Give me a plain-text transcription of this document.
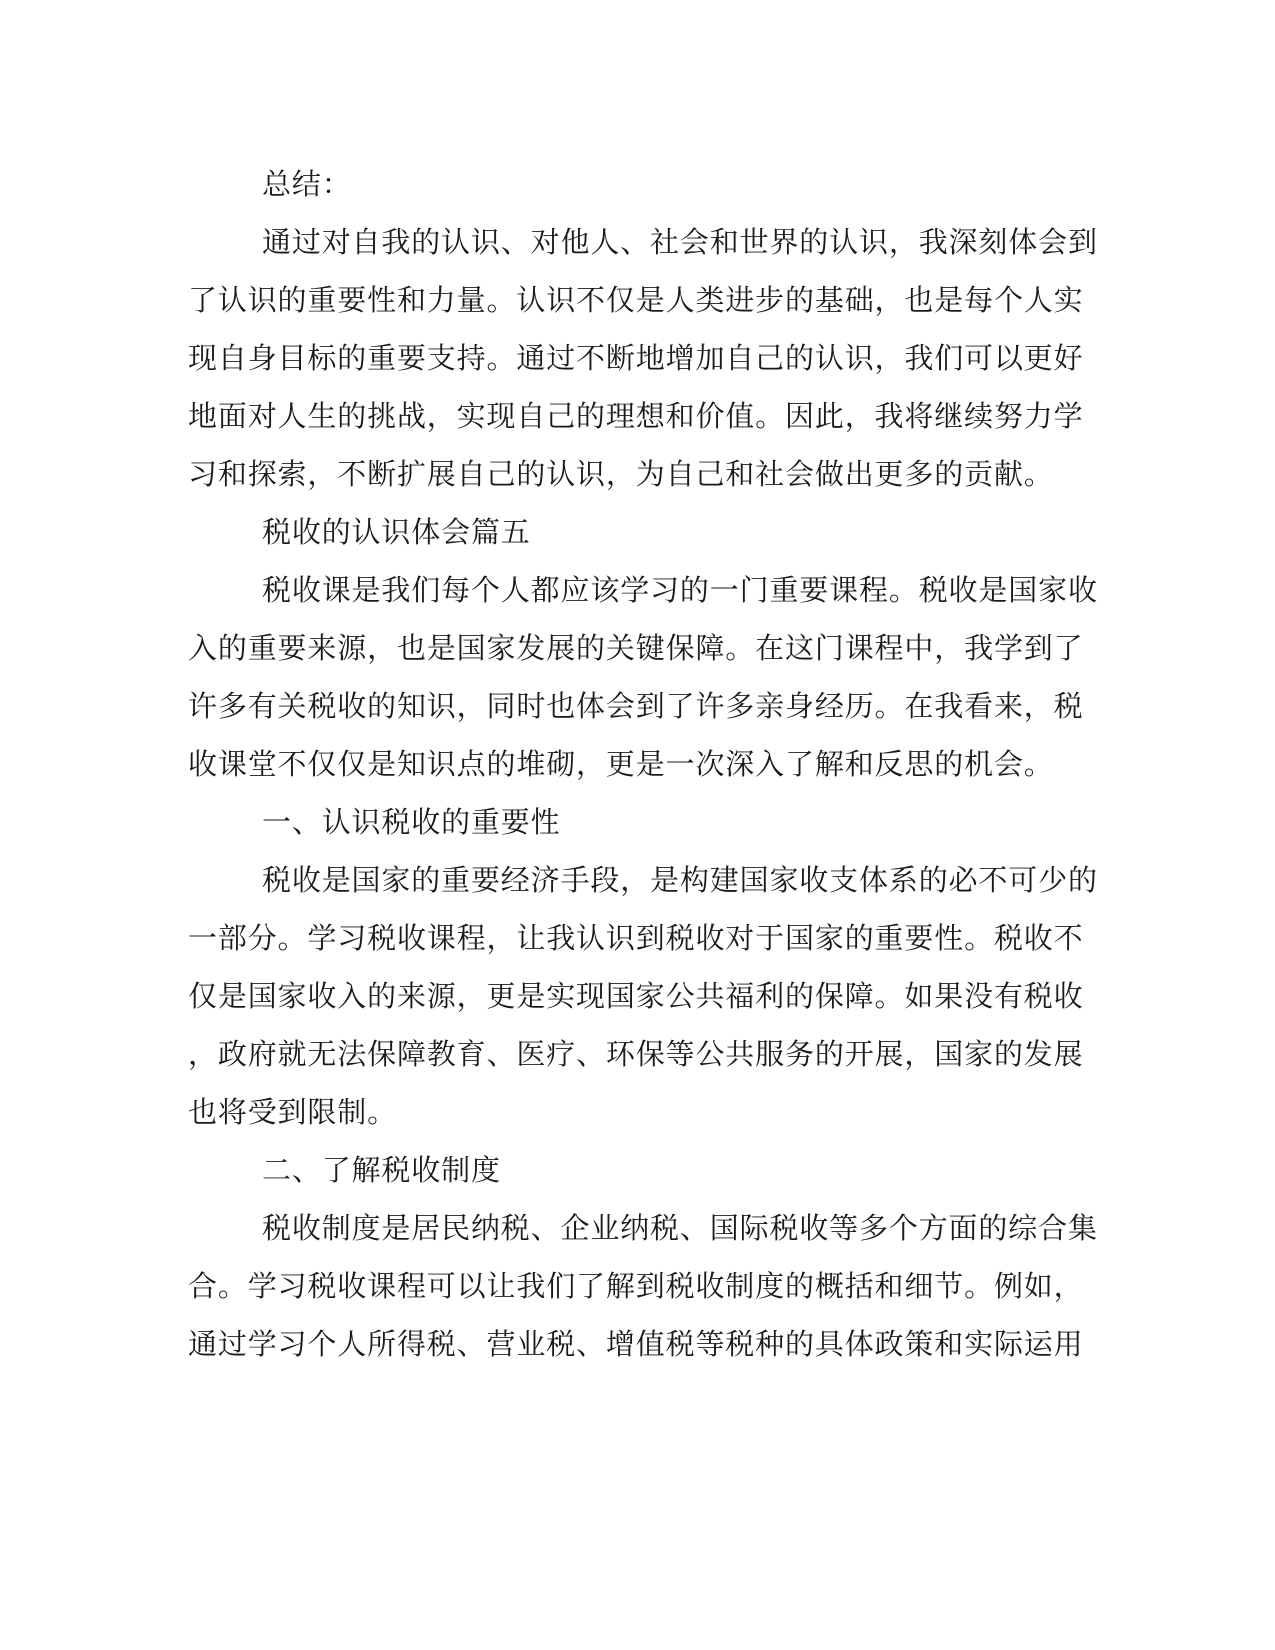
总结：

通过对自我的认识、对他人、社会和世界的认识，我深刻体会到

了认识的重要性和力量。认识不仅是人类进步的基础，也是每个人实

现自身目标的重要支持。通过不断地增加自己的认识，我们可以更好

地面对人生的挑战，实现自己的理想和价值。因此，我将继续努力学

习和探索，不断扩展自己的认识，为自己和社会做出更多的贡献。

税收的认识体会篇五

税收课是我们每个人都应该学习的一门重要课程。税收是国家收

入的重要来源，也是国家发展的关键保障。在这门课程中，我学到了

许多有关税收的知识，同时也体会到了许多亲身经历。在我看来，税

收课堂不仅仅是知识点的堆砌，更是一次深入了解和反思的机会。

一、认识税收的重要性

税收是国家的重要经济手段，是构建国家收支体系的必不可少的

一部分。学习税收课程，让我认识到税收对于国家的重要性。税收不

仅是国家收入的来源，更是实现国家公共福利的保障。如果没有税收

，政府就无法保障教育、医疗、环保等公共服务的开展，国家的发展

也将受到限制。

二、了解税收制度

税收制度是居民纳税、企业纳税、国际税收等多个方面的综合集

合。学习税收课程可以让我们了解到税收制度的概括和细节。例如，

通过学习个人所得税、营业税、增值税等税种的具体政策和实际运用
